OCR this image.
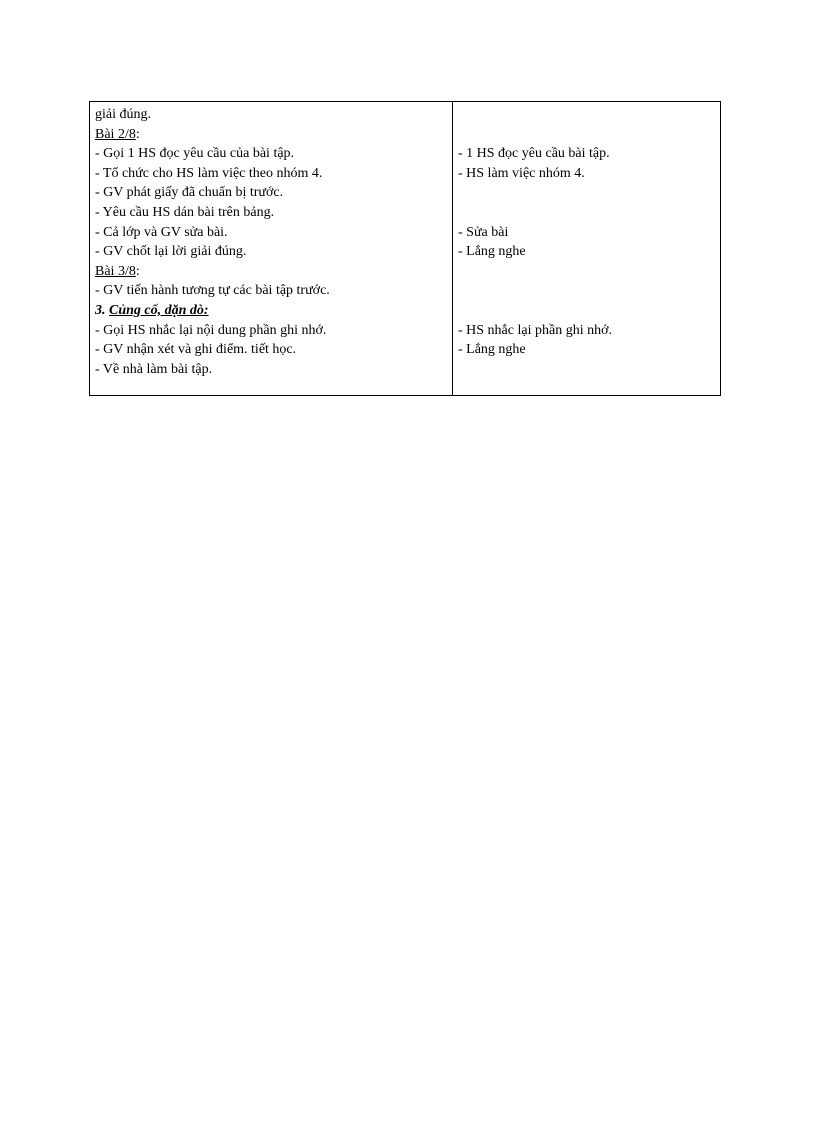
giải đúng.
Bài 2/8:
- Gọi 1 HS đọc yêu cầu của bài tập.
- Tổ chức cho HS làm việc theo nhóm 4.
- GV phát giấy đã chuẩn bị trước.
- Yêu cầu HS dán bài trên bảng.
- Cả lớp và GV sửa bài.
- GV chốt lại lời giải đúng.
Bài 3/8:
- GV tiến hành tương tự các bài tập trước.
3. Củng cố, dặn dò:
- Gọi HS nhắc lại nội dung phần ghi nhớ.
- GV nhận xét và ghi điểm. tiết học.
- Về nhà làm bài tập.
- 1 HS đọc yêu cầu bài tập.
- HS làm việc nhóm 4.
- Sửa bài
- Lắng nghe
- HS nhắc lại phần ghi nhớ.
- Lắng nghe
